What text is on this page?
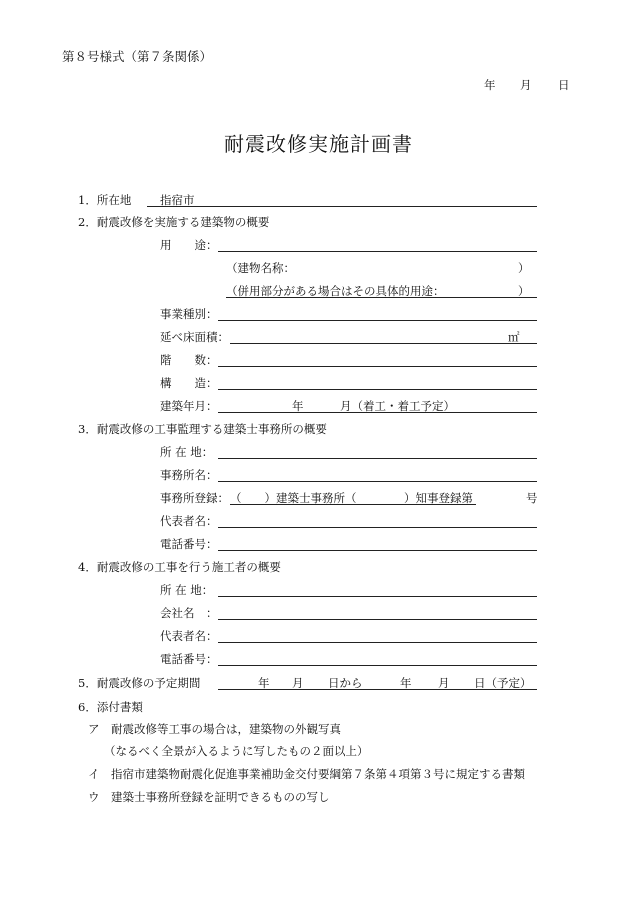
第８号様式（第７条関係）
年 月 日
耐震改修実施計画書
1．所在地 指宿市
2．耐震改修を実施する建築物の概要
用　　途：
（建物名称：	）
（併用部分がある場合はその具体的用途：	）
事業種別：
延べ床面積：	㎡
階　　数：
構　　造：
建築年月：	年	月（着工・着工予定）
3．耐震改修の工事監理する建築士事務所の概要
所 在 地：
事務所名：
事務所登録： （　　）建築士事務所（	）知事登録第	号
代表者名：
電話番号：
4．耐震改修の工事を行う施工者の概要
所 在 地：
会社名　：
代表者名：
電話番号：
5．耐震改修の予定期間	年 月 日から	年 月 日（予定）
6．添付書類
ア　耐震改修等工事の場合は，建築物の外観写真
（なるべく全景が入るように写したもの２面以上）
イ　指宿市建築物耐震化促進事業補助金交付要綱第７条第４項第３号に規定する書類
ウ　建築士事務所登録を証明できるものの写し
